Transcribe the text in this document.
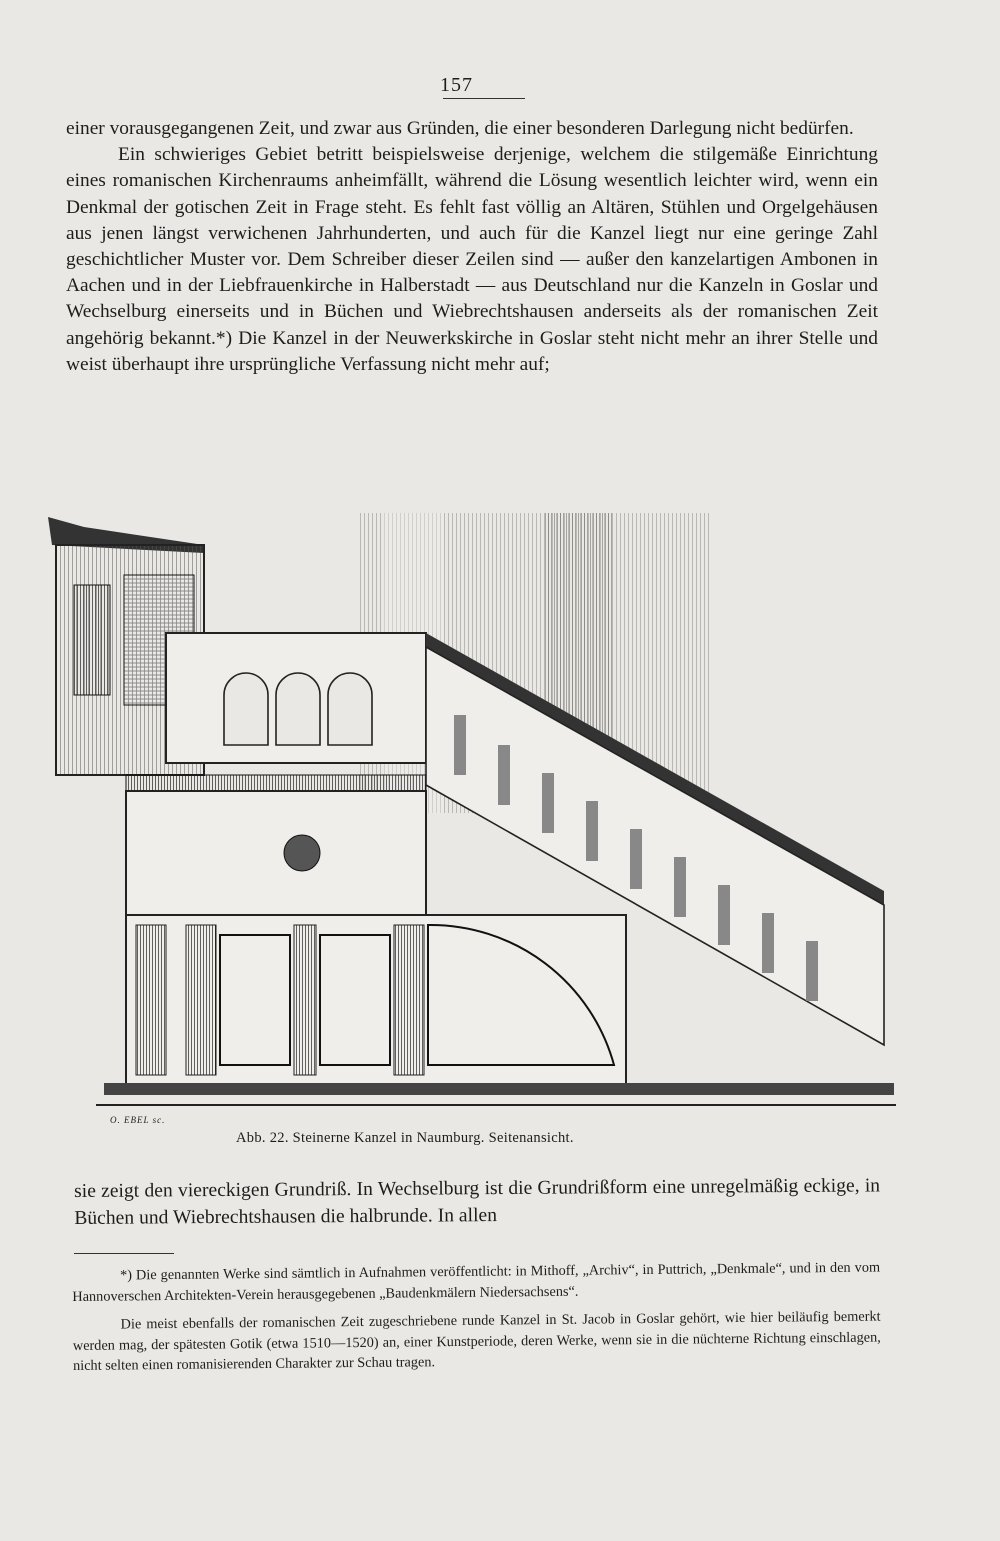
157

einer vorausgegangenen Zeit, und zwar aus Gründen, die einer besonderen Darlegung nicht bedürfen.

Ein schwieriges Gebiet betritt beispielsweise derjenige, welchem die stilgemäße Einrichtung eines romanischen Kirchenraums anheimfällt, während die Lösung wesentlich leichter wird, wenn ein Denkmal der gotischen Zeit in Frage steht. Es fehlt fast völlig an Altären, Stühlen und Orgelgehäusen aus jenen längst verwichenen Jahrhunderten, und auch für die Kanzel liegt nur eine geringe Zahl geschichtlicher Muster vor. Dem Schreiber dieser Zeilen sind — außer den kanzelartigen Ambonen in Aachen und in der Liebfrauenkirche in Halberstadt — aus Deutschland nur die Kanzeln in Goslar und Wechselburg einerseits und in Büchen und Wiebrechtshausen anderseits als der romanischen Zeit angehörig bekannt.*) Die Kanzel in der Neuwerkskirche in Goslar steht nicht mehr an ihrer Stelle und weist überhaupt ihre ursprüngliche Verfassung nicht mehr auf;

O. EBEL sc.
Abb. 22. Steinerne Kanzel in Naumburg. Seitenansicht.
sie zeigt den viereckigen Grundriß. In Wechselburg ist die Grundrißform eine unregelmäßig eckige, in Büchen und Wiebrechtshausen die halbrunde. In allen

*) Die genannten Werke sind sämtlich in Aufnahmen veröffentlicht: in Mithoff, „Archiv“, in Puttrich, „Denkmale“, und in den vom Hannoverschen Architekten-Verein herausgegebenen „Baudenkmälern Niedersachsens“.

Die meist ebenfalls der romanischen Zeit zugeschriebene runde Kanzel in St. Jacob in Goslar gehört, wie hier beiläufig bemerkt werden mag, der spätesten Gotik (etwa 1510—1520) an, einer Kunstperiode, deren Werke, wenn sie in die nüchterne Richtung einschlagen, nicht selten einen romanisierenden Charakter zur Schau tragen.
